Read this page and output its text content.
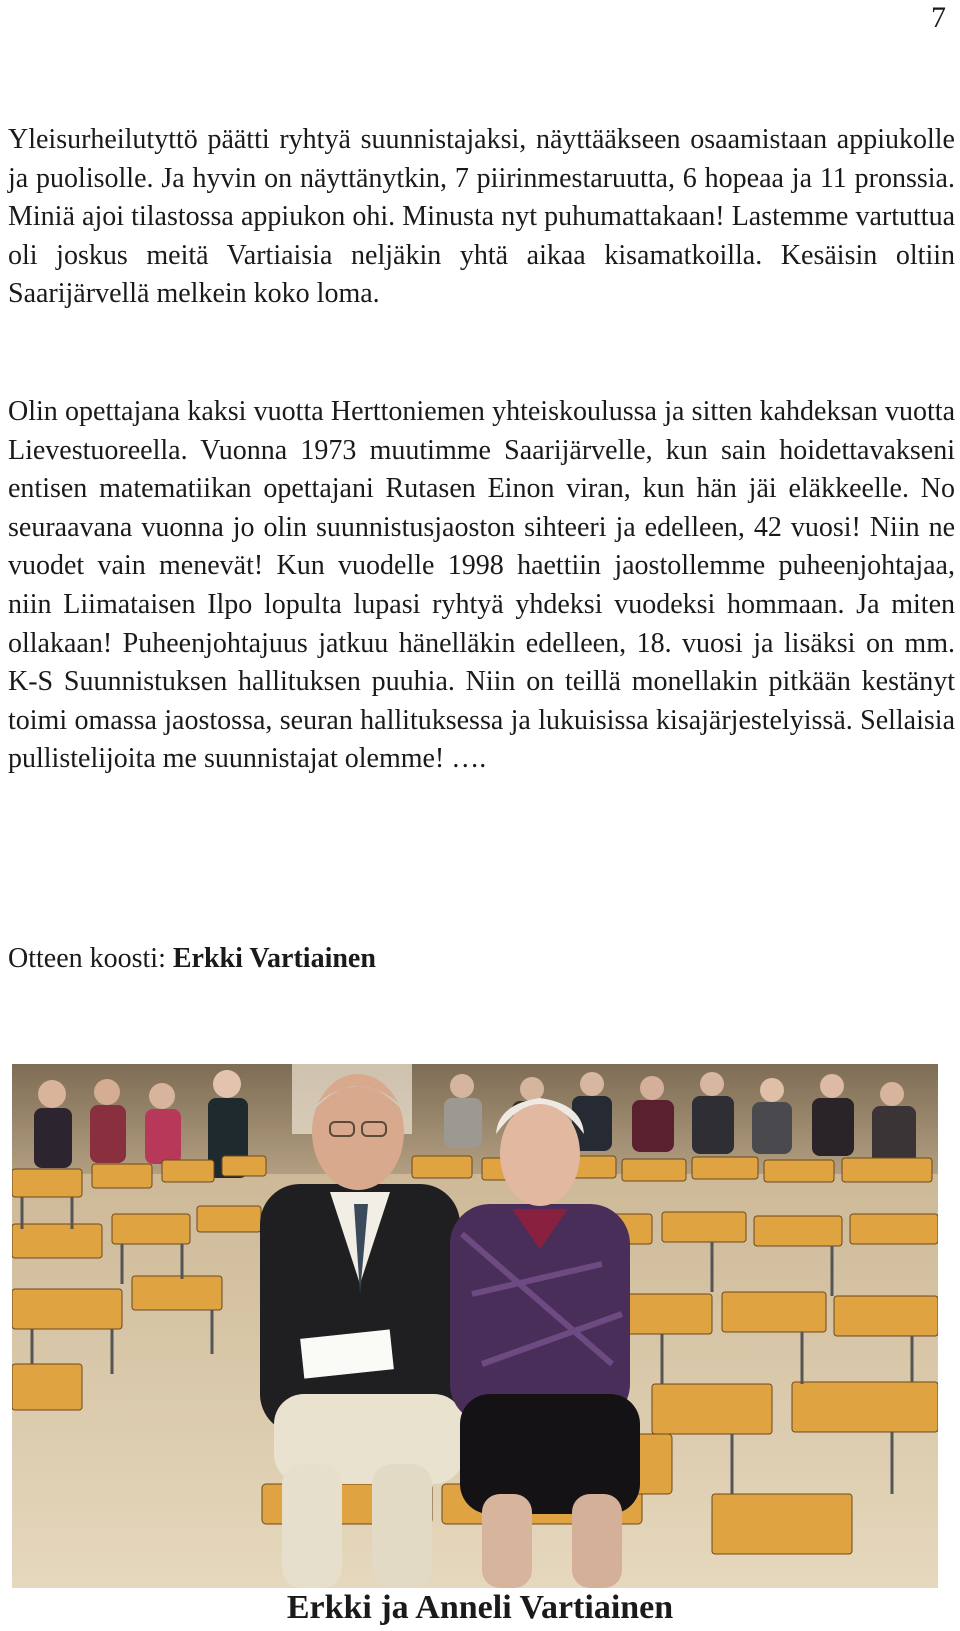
7

Yleisurheilutyttö päätti ryhtyä suunnistajaksi, näyttääkseen osaamistaan appiukolle ja puolisolle. Ja hyvin on näyttänytkin, 7 piirinmestaruutta, 6 hopeaa ja 11 pronssia. Miniä ajoi tilastossa appiukon ohi. Minusta nyt puhumattakaan! Lastemme vartuttua oli joskus meitä Vartiaisia neljäkin yhtä aikaa kisamatkoilla. Kesäisin oltiin Saarijärvellä melkein koko loma.

Olin opettajana kaksi vuotta Herttoniemen yhteiskoulussa ja sitten kahdeksan vuotta Lievestuoreella. Vuonna 1973 muutimme Saarijärvelle, kun sain hoidettavakseni entisen matematiikan opettajani Rutasen Einon viran, kun hän jäi eläkkeelle. No seuraavana vuonna jo olin suunnistusjaoston sihteeri ja edelleen, 42 vuosi! Niin ne vuodet vain menevät! Kun vuodelle 1998 haettiin jaostollemme puheenjohtajaa, niin Liimataisen Ilpo lopulta lupasi ryhtyä yhdeksi vuodeksi hommaan. Ja miten ollakaan! Puheenjohtajuus jatkuu hänelläkin edelleen, 18. vuosi ja lisäksi on mm. K-S Suunnistuksen hallituksen puuhia. Niin on teillä monellakin pitkään kestänyt toimi omassa jaostossa, seuran hallituksessa ja lukuisissa kisajärjestelyissä. Sellaisia pullistelijoita me suunnistajat olemme! ….

Otteen koosti: Erkki Vartiainen

Erkki ja Anneli Vartiainen
